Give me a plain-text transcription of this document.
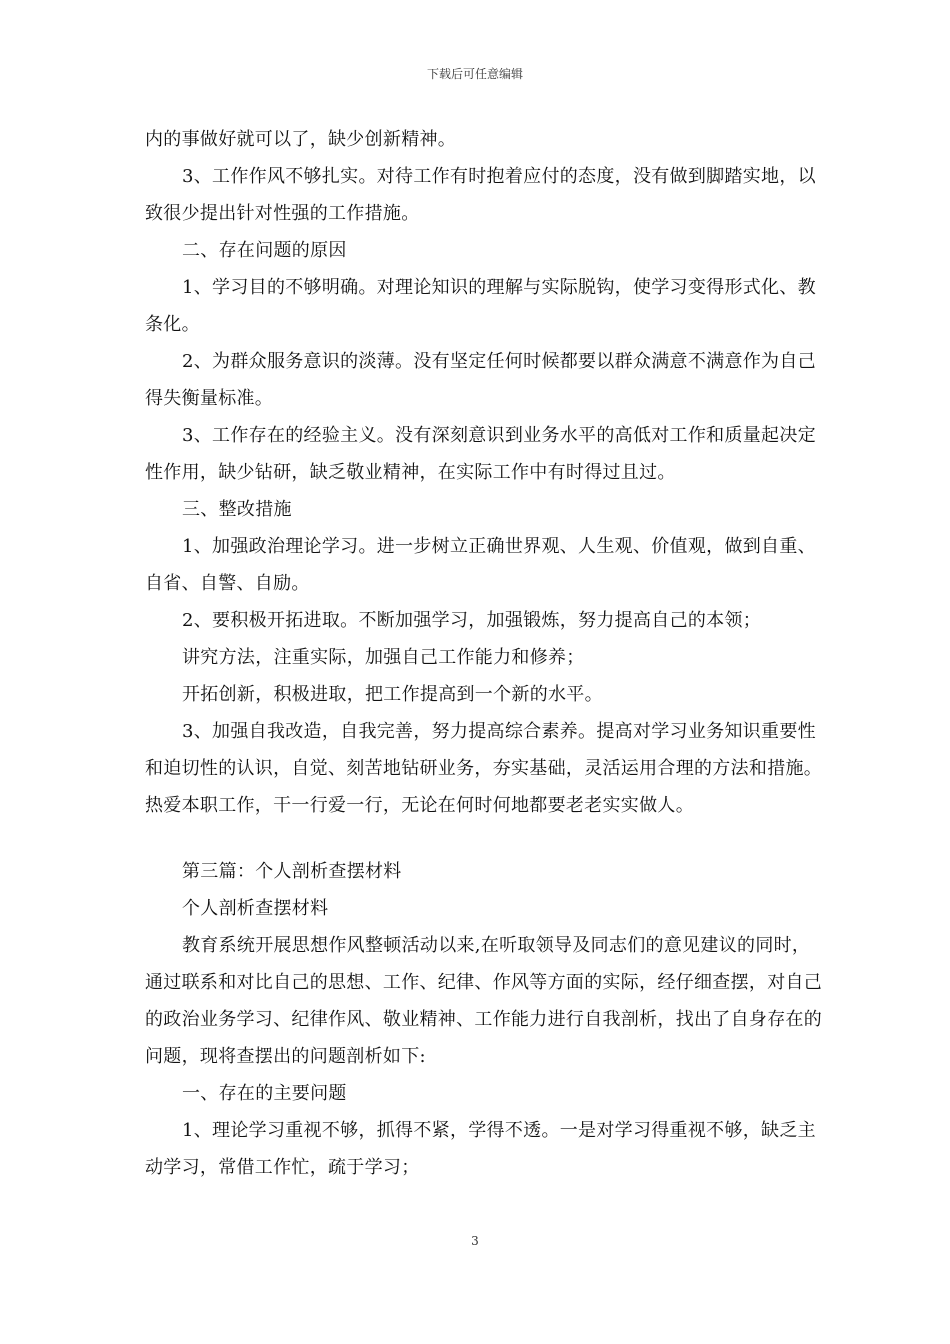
下载后可任意编辑

内的事做好就可以了，缺少创新精神。

3、工作作风不够扎实。对待工作有时抱着应付的态度，没有做到脚踏实地，以致很少提出针对性强的工作措施。

二、存在问题的原因

1、学习目的不够明确。对理论知识的理解与实际脱钩，使学习变得形式化、教条化。

2、为群众服务意识的淡薄。没有坚定任何时候都要以群众满意不满意作为自己得失衡量标准。

3、工作存在的经验主义。没有深刻意识到业务水平的高低对工作和质量起决定性作用，缺少钻研，缺乏敬业精神，在实际工作中有时得过且过。

三、整改措施

1、加强政治理论学习。进一步树立正确世界观、人生观、价值观，做到自重、自省、自警、自励。

2、要积极开拓进取。不断加强学习，加强锻炼，努力提高自己的本领；

讲究方法，注重实际，加强自己工作能力和修养；

开拓创新，积极进取，把工作提高到一个新的水平。

3、加强自我改造，自我完善，努力提高综合素养。提高对学习业务知识重要性和迫切性的认识，自觉、刻苦地钻研业务，夯实基础，灵活运用合理的方法和措施。热爱本职工作，干一行爱一行，无论在何时何地都要老老实实做人。

第三篇：个人剖析查摆材料

个人剖析查摆材料

教育系统开展思想作风整顿活动以来,在听取领导及同志们的意见建议的同时，通过联系和对比自己的思想、工作、纪律、作风等方面的实际，经仔细查摆，对自己的政治业务学习、纪律作风、敬业精神、工作能力进行自我剖析，找出了自身存在的问题，现将查摆出的问题剖析如下:

一、存在的主要问题

1、理论学习重视不够，抓得不紧，学得不透。一是对学习得重视不够，缺乏主动学习，常借工作忙，疏于学习；

3
